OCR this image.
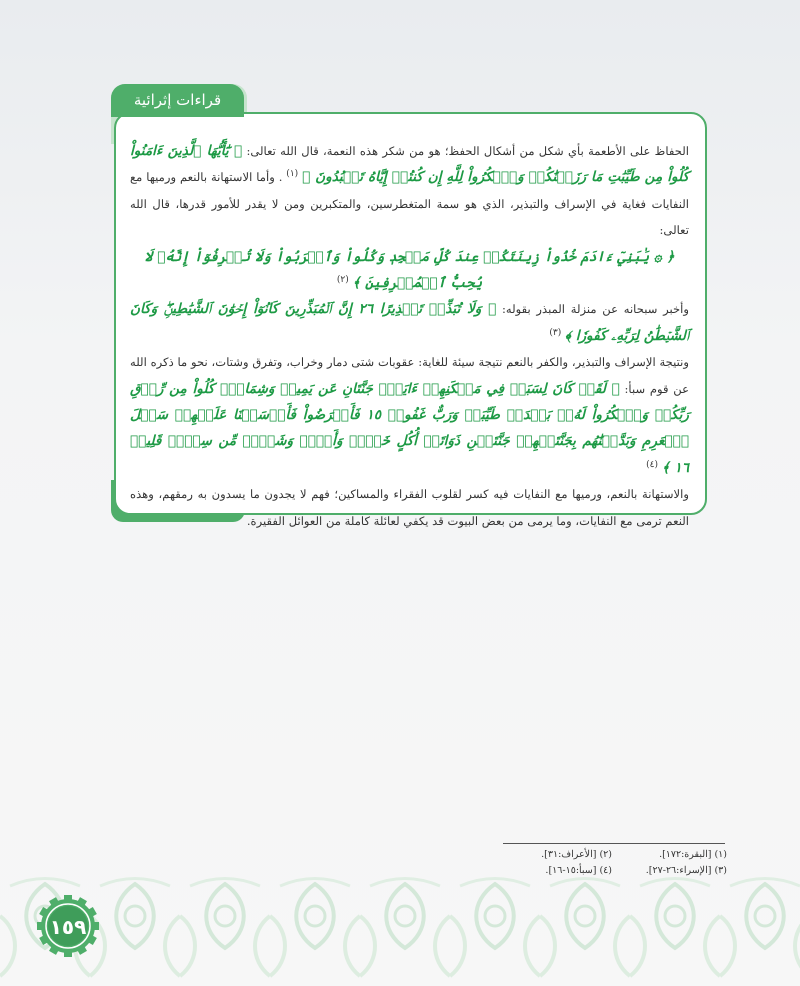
الحفاظ على الأطعمة بأي شكل من أشكال الحفظ؛ هو من شكر هذه النعمة، قال الله تعالى: ﴿ يَٰٓأَيُّهَا ٱلَّذِينَ ءَامَنُواْ كُلُواْ مِن طَيِّبَٰتِ مَا رَزَقۡنَٰكُمۡ وَٱشۡكُرُواْ لِلَّهِ إِن كُنتُمۡ إِيَّاهُ تَعۡبُدُونَ ﴾ $^{(١)}$ . وأما الاستهانة بالنعم ورميها مع النفايات فغاية في الإسراف والتبذير، الذي هو سمة المتغطرسين، والمتكبرين ومن لا يقدر للأمور قدرها، قال الله تعالى:

﴿ ۞ يَٰبَنِيٓ ءَادَمَ خُذُواْ زِينَتَكُمۡ عِندَ كُلِّ مَسۡجِدٖ وَكُلُواْ وَٱشۡرَبُواْ وَلَا تُسۡرِفُوٓاْ إِنَّهُۥ لَا يُحِبُّ ٱلۡمُسۡرِفِينَ ﴾ $^{(٢)}$

وأخبر سبحانه عن منزلة المبذر بقوله: ﴿ وَلَا تُبَذِّرۡ تَبۡذِيرًا ٢٦ إِنَّ ٱلۡمُبَذِّرِينَ كَانُوٓاْ إِخۡوَٰنَ ٱلشَّيَٰطِينِۖ وَكَانَ ٱلشَّيۡطَٰنُ لِرَبِّهِۦ كَفُورٗا ﴾ $^{(٣)}$

ونتيجة الإسراف والتبذير، والكفر بالنعم نتيجة سيئة للغاية: عقوبات شتى دمار وخراب، وتفرق وشتات، نحو ما ذكره الله عن قوم سبأ: ﴿ لَقَدۡ كَانَ لِسَبَإٖ فِي مَسۡكَنِهِمۡ ءَايَةٞۖ جَنَّتَانِ عَن يَمِينٖ وَشِمَالٖۖ كُلُواْ مِن رِّزۡقِ رَبِّكُمۡ وَٱشۡكُرُواْ لَهُۥۚ بَلۡدَةٞ طَيِّبَةٞ وَرَبٌّ غَفُورٞ ١٥ فَأَعۡرَضُواْ فَأَرۡسَلۡنَا عَلَيۡهِمۡ سَيۡلَ ٱلۡعَرِمِ وَبَدَّلۡنَٰهُم بِجَنَّتَيۡهِمۡ جَنَّتَيۡنِ ذَوَاتَيۡ أُكُلٍ خَمۡطٖ وَأَثۡلٖ وَشَيۡءٖ مِّن سِدۡرٖ قَلِيلٖ ١٦ ﴾ $^{(٤)}$

والاستهانة بالنعم، ورميها مع النفايات فيه كسر لقلوب الفقراء والمساكين؛ فهم لا يجدون ما يسدون به رمقهم، وهذه النعم ترمى مع النفايات، وما يرمى من بعض البيوت قد يكفي لعائلة كاملة من العوائل الفقيرة.

قراءات إثرائية
(١) [البقرة:١٧٢].
(٢) [الأعراف:٣١].
(٣) [الإسراء:٢٦-٢٧].
(٤) [سبأ:١٥-١٦].
١٥٩
